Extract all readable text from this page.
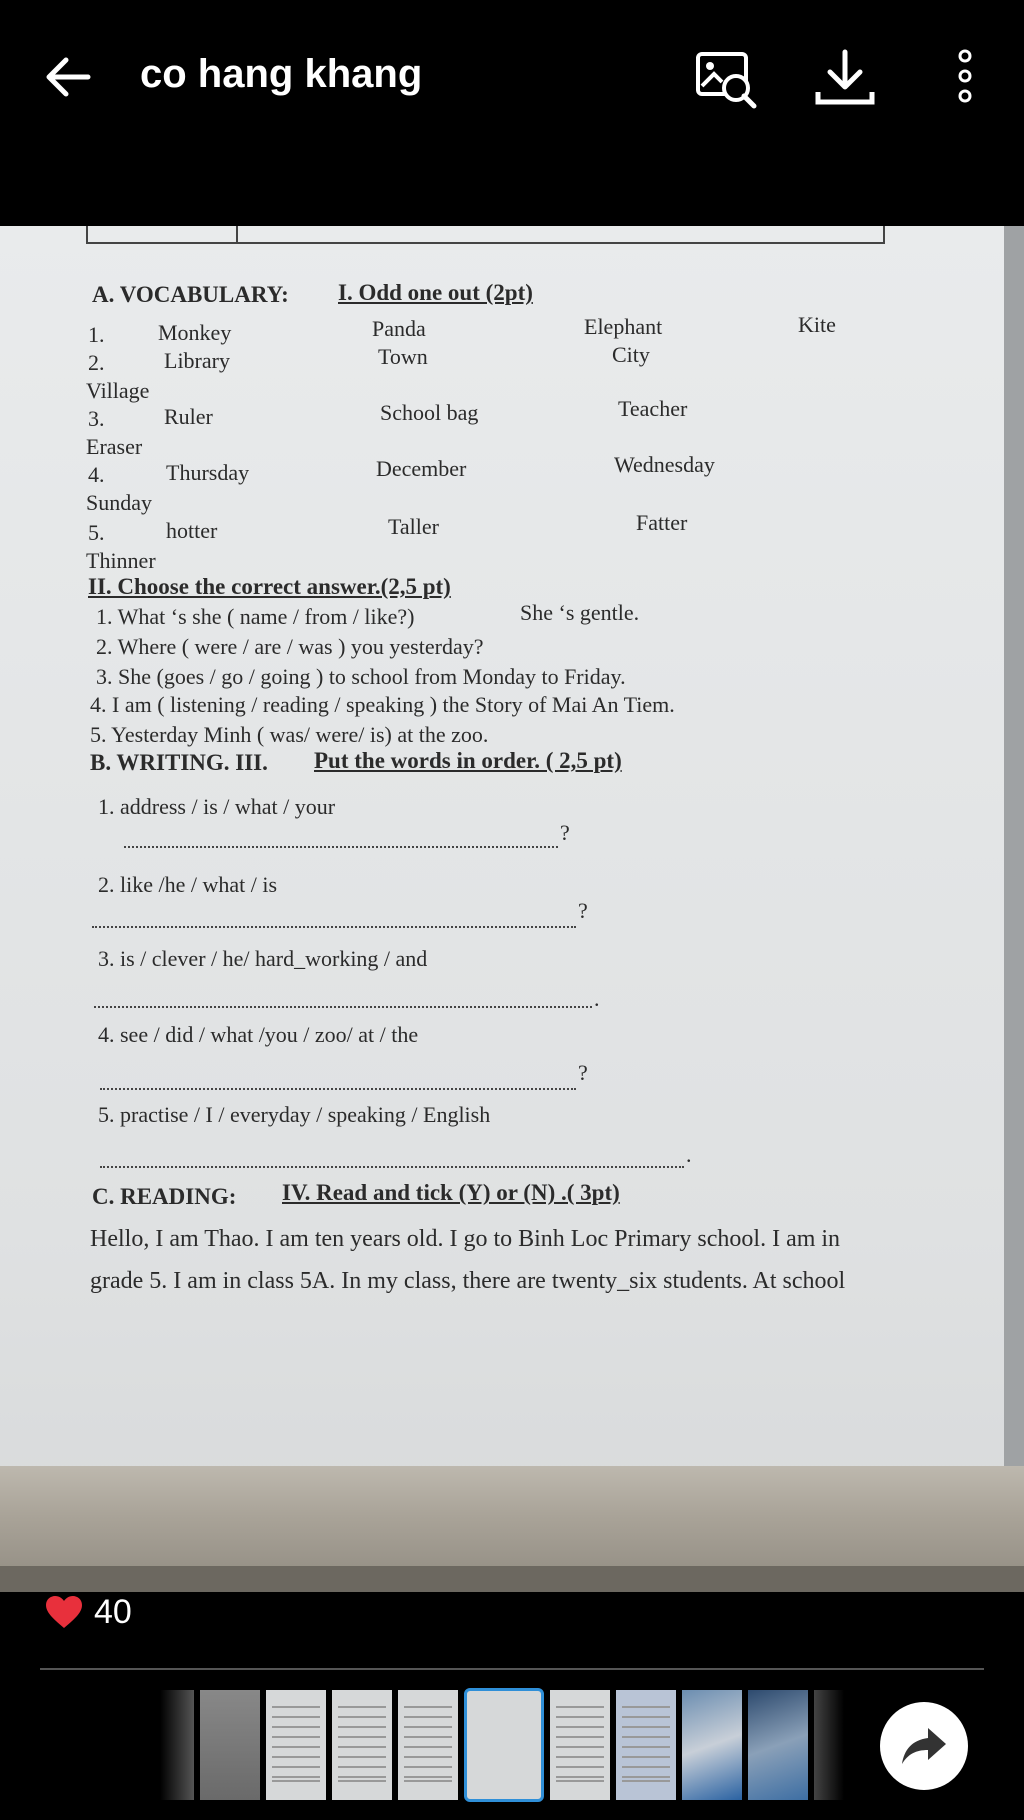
co hang khang
A. VOCABULARY: I. Odd one out (2pt)
1. Monkey	Panda	Elephant	Kite
2.	Library	Town	City
Village
3.	Ruler	School bag	Teacher
Eraser
4.	Thursday	December	Wednesday
Sunday
5.	hotter	Taller	Fatter
Thinner
II. Choose the correct answer.(2,5 pt)
1. What ‘s she ( name / from / like?)	She ‘s gentle.
2. Where ( were / are / was ) you yesterday?
3. She (goes / go / going ) to school from Monday to Friday.
4. I am ( listening / reading / speaking ) the Story of Mai An Tiem.
5. Yesterday Minh ( was/ were/ is) at the zoo.
B. WRITING. III. Put the words in order. ( 2,5 pt)
1. address / is / what / your
?
2. like /he / what / is
?
3. is / clever / he/ hard_working / and
.
4. see / did / what /you / zoo/ at / the
?
5. practise / I / everyday / speaking / English
.
C. READING: IV. Read and tick (Y) or (N) .( 3pt)
Hello, I am Thao. I am ten years old. I go to Binh Loc Primary school. I am in
grade 5. I am in class 5A. In my class, there are twenty_six students. At school
40
